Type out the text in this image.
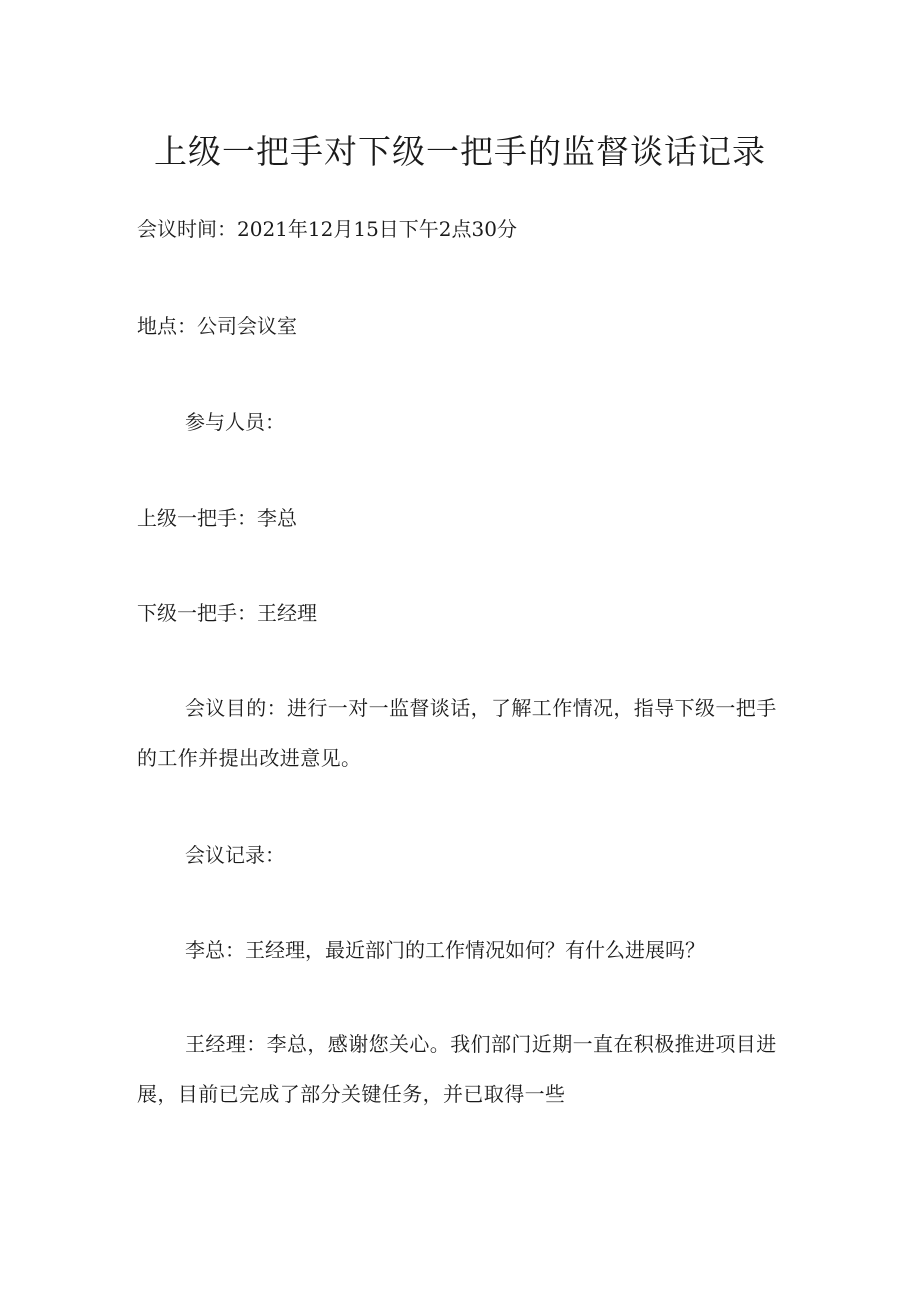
上级一把手对下级一把手的监督谈话记录

会议时间：2021年12月15日下午2点30分

地点：公司会议室

参与人员：

上级一把手：李总

下级一把手：王经理

会议目的：进行一对一监督谈话，了解工作情况，指导下级一把手的工作并提出改进意见。

会议记录：

李总：王经理，最近部门的工作情况如何？有什么进展吗？

王经理：李总，感谢您关心。我们部门近期一直在积极推进项目进展，目前已完成了部分关键任务，并已取得一些
